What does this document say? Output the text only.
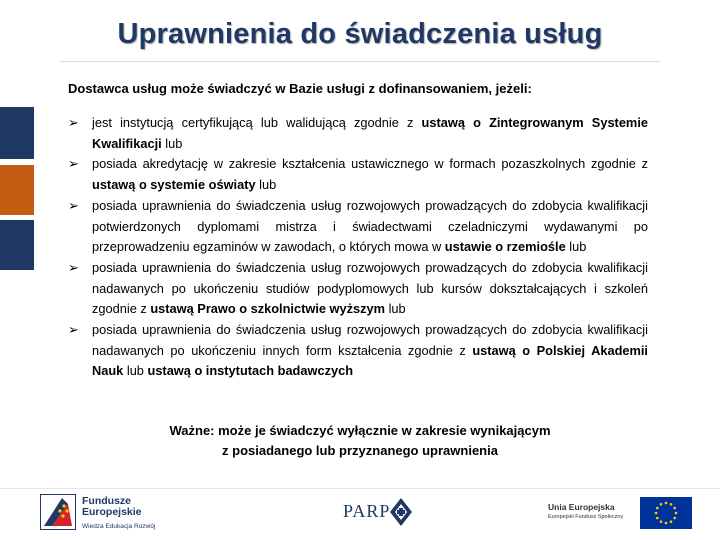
Uprawnienia do świadczenia usług
Dostawca usług może świadczyć w Bazie usługi z dofinansowaniem, jeżeli:
➢	jest instytucją certyfikującą lub walidującą zgodnie z ustawą o Zintegrowanym Systemie Kwalifikacji lub
➢	posiada akredytację w zakresie kształcenia ustawicznego w formach pozaszkolnych zgodnie z ustawą o systemie oświaty lub
➢	posiada uprawnienia do świadczenia usług rozwojowych prowadzących do zdobycia kwalifikacji potwierdzonych dyplomami mistrza i świadectwami czeladniczymi wydawanymi po przeprowadzeniu egzaminów w zawodach, o których mowa w ustawie o rzemiośle lub
➢	posiada uprawnienia do świadczenia usług rozwojowych prowadzących do zdobycia kwalifikacji nadawanych po ukończeniu studiów podyplomowych lub kursów dokształcających i szkoleń zgodnie z ustawą Prawo o szkolnictwie wyższym lub
➢	posiada uprawnienia do świadczenia usług rozwojowych prowadzących do zdobycia kwalifikacji nadawanych po ukończeniu innych form kształcenia zgodnie z ustawą o Polskiej Akademii Nauk lub ustawą o instytutach badawczych
Ważne: może je świadczyć wyłącznie w zakresie wynikającym
z posiadanego lub przyznanego uprawnienia
Fundusze
Europejskie
Wiedza Edukacja Rozwój
PARP	Unia Europejska
Europejski Fundusz Społeczny
